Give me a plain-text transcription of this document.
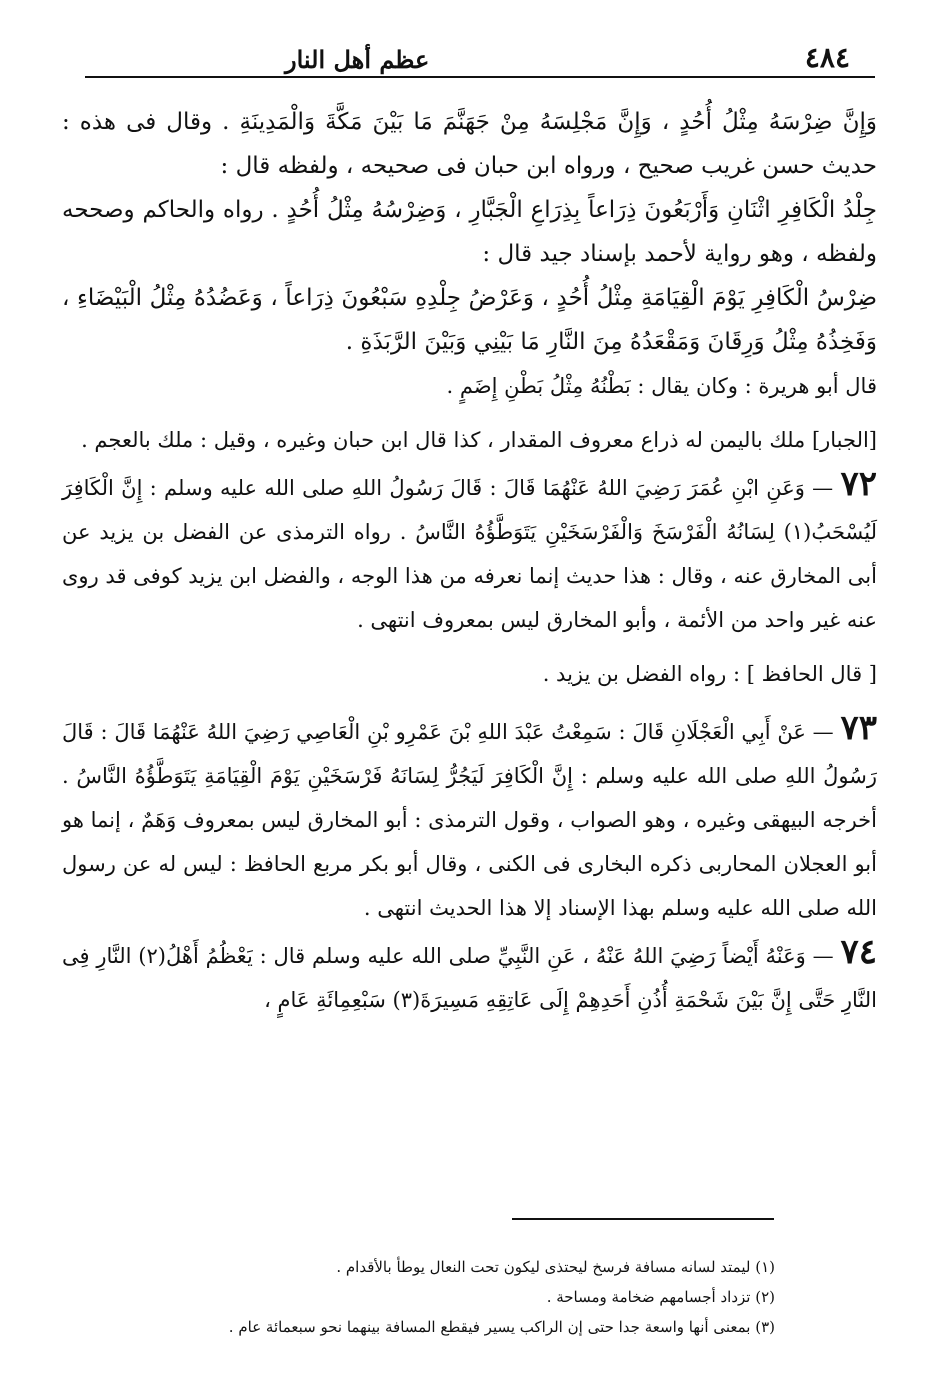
٤٨٤
عظم أهل النار

وَإِنَّ ضِرْسَهُ مِثْلُ أُحُدٍ ، وَإِنَّ مَجْلِسَهُ مِنْ جَهَنَّمَ مَا بَيْنَ مَكَّةَ وَالْمَدِينَةِ . وقال فى هذه : حديث حسن غريب صحيح ، ورواه ابن حبان فى صحيحه ، ولفظه قال :

جِلْدُ الْكَافِرِ اثْنَانِ وَأَرْبَعُونَ ذِرَاعاً بِذِرَاعِ الْجَبَّارِ ، وَضِرْسُهُ مِثْلُ أُحُدٍ . رواه والحاكم وصححه ولفظه ، وهو رواية لأحمد بإسناد جيد قال :

ضِرْسُ الْكَافِرِ يَوْمَ الْقِيَامَةِ مِثْلُ أُحُدٍ ، وَعَرْضُ جِلْدِهِ سَبْعُونَ ذِرَاعاً ، وَعَضُدُهُ مِثْلُ الْبَيْضَاءِ ، وَفَخِذُهُ مِثْلُ وَرِقَانَ وَمَقْعَدُهُ مِنَ النَّارِ مَا بَيْنِي وَبَيْنَ الرَّبَذَةِ .

قال أبو هريرة : وكان يقال : بَطْنُهُ مِثْلُ بَطْنِ إِضَمٍ .

[الجبار] ملك باليمن له ذراع معروف المقدار ، كذا قال ابن حبان وغيره ، وقيل : ملك بالعجم .

٧٢ — وَعَنِ ابْنِ عُمَرَ رَضِيَ اللهُ عَنْهُمَا قَالَ : قَالَ رَسُولُ اللهِ صلى الله عليه وسلم : إِنَّ الْكَافِرَ لَيُسْحَبُ(١) لِسَانُهُ الْفَرْسَخَ وَالْفَرْسَخَيْنِ يَتَوَطَّؤُهُ النَّاسُ . رواه الترمذى عن الفضل بن يزيد عن أبى المخارق عنه ، وقال : هذا حديث إنما نعرفه من هذا الوجه ، والفضل ابن يزيد كوفى قد روى عنه غير واحد من الأئمة ، وأبو المخارق ليس بمعروف انتهى .

[ قال الحافظ ] : رواه الفضل بن يزيد .

٧٣ — عَنْ أَبِي الْعَجْلَانِ قَالَ : سَمِعْتُ عَبْدَ اللهِ بْنَ عَمْرِو بْنِ الْعَاصِي رَضِيَ اللهُ عَنْهُمَا قَالَ : قَالَ رَسُولُ اللهِ صلى الله عليه وسلم : إِنَّ الْكَافِرَ لَيَجُرُّ لِسَانَهُ فَرْسَخَيْنِ يَوْمَ الْقِيَامَةِ يَتَوَطَّؤُهُ النَّاسُ . أخرجه البيهقى وغيره ، وهو الصواب ، وقول الترمذى : أبو المخارق ليس بمعروف وَهَمٌ ، إنما هو أبو العجلان المحاربى ذكره البخارى فى الكنى ، وقال أبو بكر مربع الحافظ : ليس له عن رسول الله صلى الله عليه وسلم بهذا الإسناد إلا هذا الحديث انتهى .

٧٤ — وَعَنْهُ أَيْضاً رَضِيَ اللهُ عَنْهُ ، عَنِ النَّبِيِّ صلى الله عليه وسلم قال : يَعْظُمُ أَهْلُ(٢) النَّارِ فِى النَّارِ حَتَّى إِنَّ بَيْنَ شَحْمَةِ أُذُنِ أَحَدِهِمْ إِلَى عَاتِقِهِ مَسِيرَةَ(٣) سَبْعِمِائَةِ عَامٍ ،

(١) ليمتد لسانه مسافة فرسخ ليحتذى ليكون تحت النعال يوطأ بالأقدام .
(٢) تزداد أجسامهم ضخامة ومساحة .
(٣) بمعنى أنها واسعة جدا حتى إن الراكب يسير فيقطع المسافة بينهما نحو سبعمائة عام .
